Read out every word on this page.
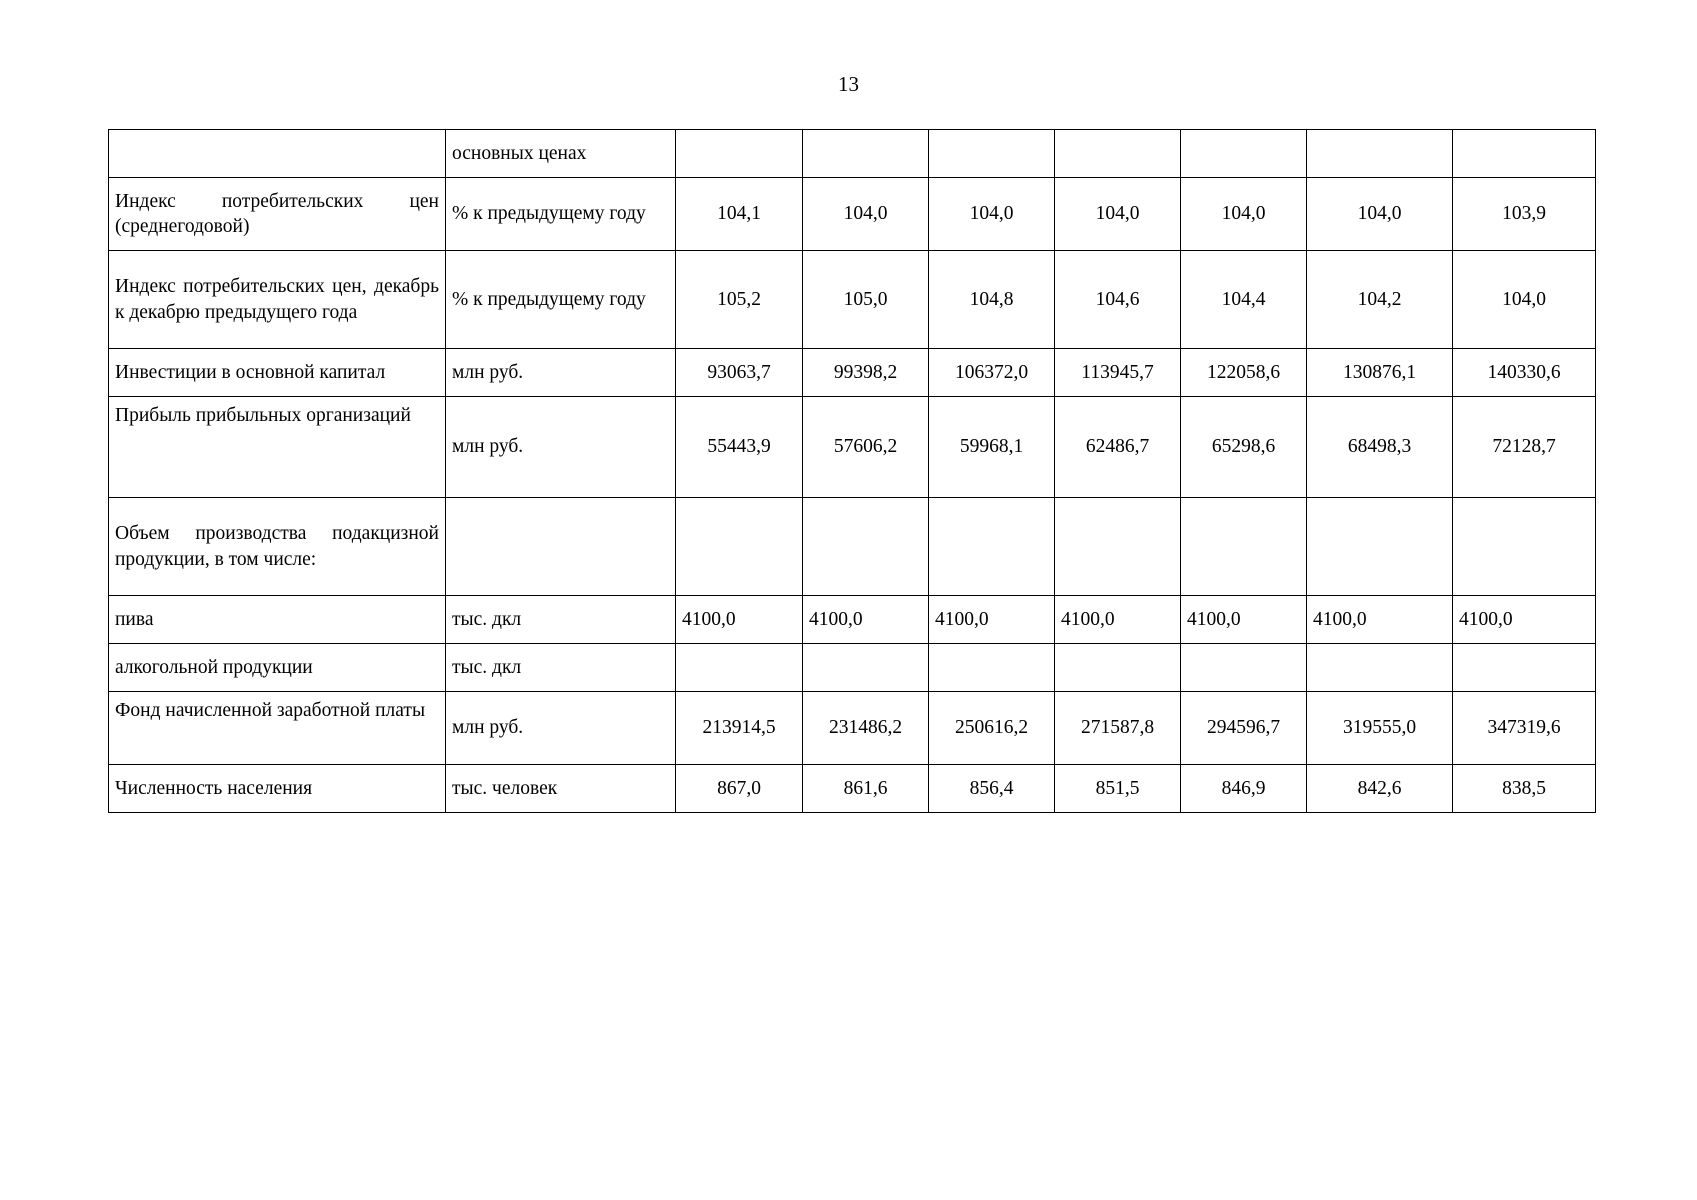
13
	основных ценах							
Индекс потребительских цен (среднегодовой)	% к предыдущему году	104,1	104,0	104,0	104,0	104,0	104,0	103,9
Индекс потребительских цен, декабрь к декабрю предыдущего года	% к предыдущему году	105,2	105,0	104,8	104,6	104,4	104,2	104,0
Инвестиции в основной капитал	млн руб.	93063,7	99398,2	106372,0	113945,7	122058,6	130876,1	140330,6
Прибыль прибыльных организаций	млн руб.	55443,9	57606,2	59968,1	62486,7	65298,6	68498,3	72128,7
Объем производства подакцизной продукции, в том числе:								
пива	тыс. дкл	4100,0	4100,0	4100,0	4100,0	4100,0	4100,0	4100,0
алкогольной продукции	тыс. дкл							
Фонд начисленной заработной платы	млн руб.	213914,5	231486,2	250616,2	271587,8	294596,7	319555,0	347319,6
Численность населения	тыс. человек	867,0	861,6	856,4	851,5	846,9	842,6	838,5
